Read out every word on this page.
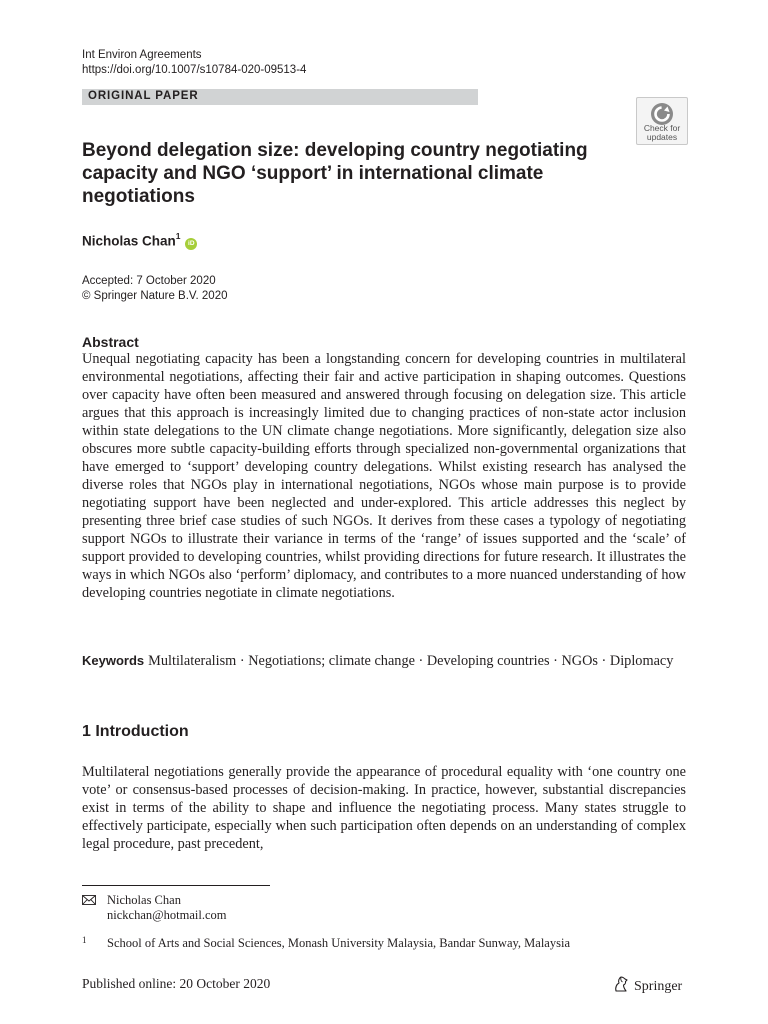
Int Environ Agreements
https://doi.org/10.1007/s10784-020-09513-4
ORIGINAL PAPER
Check for
updates
Beyond delegation size: developing country negotiating capacity and NGO ‘support’ in international climate negotiations
Nicholas Chan$^1$ iD
Accepted: 7 October 2020
© Springer Nature B.V. 2020
Abstract

Unequal negotiating capacity has been a longstanding concern for developing countries in multilateral environmental negotiations, affecting their fair and active participation in shaping outcomes. Questions over capacity have often been measured and answered through focusing on delegation size. This article argues that this approach is increasingly limited due to changing practices of non-state actor inclusion within state delegations to the UN climate change negotiations. More significantly, delegation size also obscures more subtle capacity-building efforts through specialized non-governmental organizations that have emerged to ‘support’ developing country delegations. Whilst existing research has analysed the diverse roles that NGOs play in international negotiations, NGOs whose main purpose is to provide negotiating support have been neglected and under-explored. This article addresses this neglect by presenting three brief case studies of such NGOs. It derives from these cases a typology of negotiating support NGOs to illustrate their variance in terms of the ‘range’ of issues supported and the ‘scale’ of support provided to developing countries, whilst providing directions for future research. It illustrates the ways in which NGOs also ‘perform’ diplomacy, and contributes to a more nuanced understanding of how developing countries negotiate in climate negotiations.

Keywords Multilateralism · Negotiations; climate change · Developing countries · NGOs · Diplomacy
1 Introduction

Multilateral negotiations generally provide the appearance of procedural equality with ‘one country one vote’ or consensus-based processes of decision-making. In practice, however, substantial discrepancies exist in terms of the ability to shape and influence the negotiating process. Many states struggle to effectively participate, especially when such participation often depends on an understanding of complex legal procedure, past precedent,

Nicholas Chan
nickchan@hotmail.com
1 School of Arts and Social Sciences, Monash University Malaysia, Bandar Sunway, Malaysia
Published online: 20 October 2020	Springer
